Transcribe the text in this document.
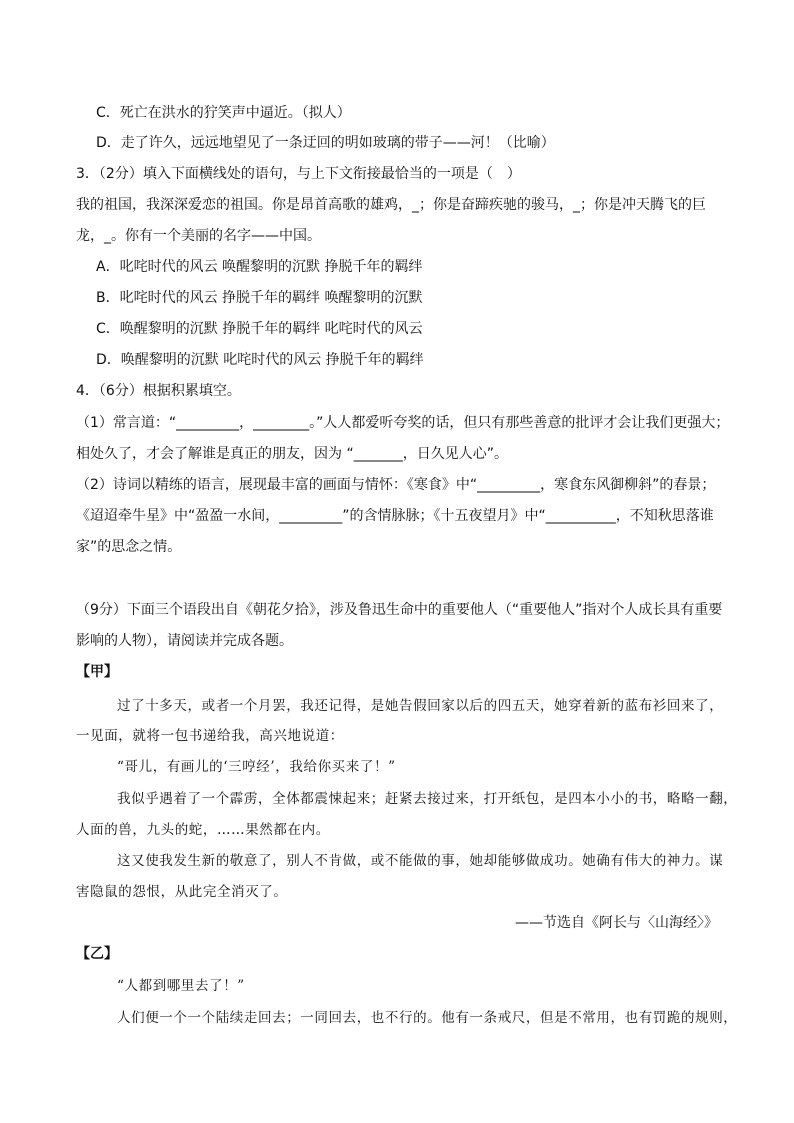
C．死亡在洪水的狞笑声中逼近。（拟人）
D．走了许久，远远地望见了一条迂回的明如玻璃的带子——河！（比喻）
3．（2分）填入下面横线处的语句，与上下文衔接最恰当的一项是（　）
我的祖国，我深深爱恋的祖国。你是昂首高歌的雄鸡，_；你是奋蹄疾驰的骏马，_；你是冲天腾飞的巨
龙，_。你有一个美丽的名字——中国。
A．叱咤时代的风云 唤醒黎明的沉默 挣脱千年的羁绊
B．叱咤时代的风云 挣脱千年的羁绊 唤醒黎明的沉默
C．唤醒黎明的沉默 挣脱千年的羁绊 叱咤时代的风云
D．唤醒黎明的沉默 叱咤时代的风云 挣脱千年的羁绊
4．（6分）根据积累填空。
（1）常言道：“_________，________。”人人都爱听夸奖的话，但只有那些善意的批评才会让我们更强大；
相处久了，才会了解谁是真正的朋友，因为 “_______，日久见人心”。
（2）诗词以精练的语言，展现最丰富的画面与情怀：《寒食》中“_________，寒食东风御柳斜”的春景；
《迢迢牵牛星》中“盈盈一水间，_________”的含情脉脉；《十五夜望月》中“__________，不知秋思落谁
家”的思念之情。
（9分）下面三个语段出自《朝花夕拾》，涉及鲁迅生命中的重要他人（“重要他人”指对个人成长具有重要
影响的人物），请阅读并完成各题。
【甲】
过了十多天，或者一个月罢，我还记得，是她告假回家以后的四五天，她穿着新的蓝布衫回来了，
一见面，就将一包书递给我，高兴地说道：
“哥儿，有画儿的‘三哼经’，我给你买来了！”
我似乎遇着了一个霹雳，全体都震悚起来；赶紧去接过来，打开纸包，是四本小小的书，略略一翻，
人面的兽，九头的蛇，……果然都在内。
这又使我发生新的敬意了，别人不肯做，或不能做的事，她却能够做成功。她确有伟大的神力。谋
害隐鼠的怨恨，从此完全消灭了。
——节选自《阿长与〈山海经〉》
【乙】
“人都到哪里去了！”
人们便一个一个陆续走回去；一同回去，也不行的。他有一条戒尺，但是不常用，也有罚跪的规则，
